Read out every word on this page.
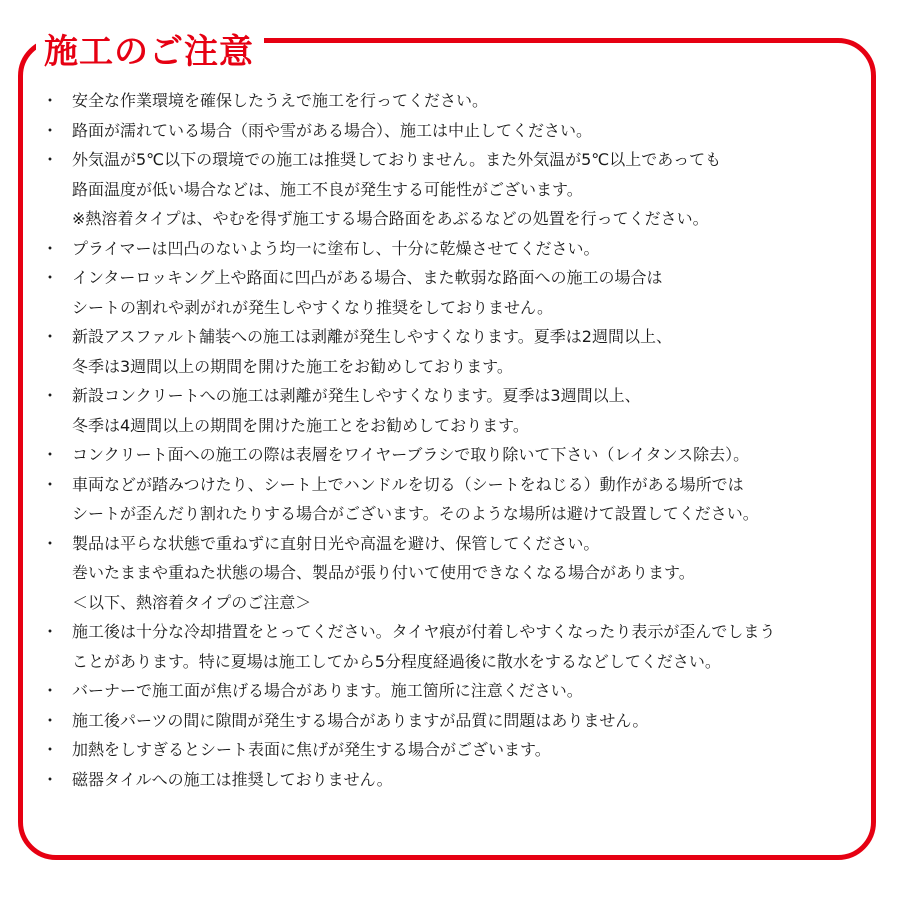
施工のご注意
・ 安全な作業環境を確保したうえで施工を行ってください。
・ 路面が濡れている場合（雨や雪がある場合）、施工は中止してください。
・ 外気温が5℃以下の環境での施工は推奨しておりません。また外気温が5℃以上であっても
路面温度が低い場合などは、施工不良が発生する可能性がございます。
※熱溶着タイプは、やむを得ず施工する場合路面をあぶるなどの処置を行ってください。
・ プライマーは凹凸のないよう均一に塗布し、十分に乾燥させてください。
・ インターロッキング上や路面に凹凸がある場合、また軟弱な路面への施工の場合は
シートの割れや剥がれが発生しやすくなり推奨をしておりません。
・ 新設アスファルト舗装への施工は剥離が発生しやすくなります。夏季は2週間以上、
冬季は3週間以上の期間を開けた施工をお勧めしております。
・ 新設コンクリートへの施工は剥離が発生しやすくなります。夏季は3週間以上、
冬季は4週間以上の期間を開けた施工とをお勧めしております。
・ コンクリート面への施工の際は表層をワイヤーブラシで取り除いて下さい（レイタンス除去）。
・ 車両などが踏みつけたり、シート上でハンドルを切る（シートをねじる）動作がある場所では
シートが歪んだり割れたりする場合がございます。そのような場所は避けて設置してください。
・ 製品は平らな状態で重ねずに直射日光や高温を避け、保管してください。
巻いたままや重ねた状態の場合、製品が張り付いて使用できなくなる場合があります。
＜以下、熱溶着タイプのご注意＞
・ 施工後は十分な冷却措置をとってください。タイヤ痕が付着しやすくなったり表示が歪んでしまう
ことがあります。特に夏場は施工してから5分程度経過後に散水をするなどしてください。
・ バーナーで施工面が焦げる場合があります。施工箇所に注意ください。
・ 施工後パーツの間に隙間が発生する場合がありますが品質に問題はありません。
・ 加熱をしすぎるとシート表面に焦げが発生する場合がございます。
・ 磁器タイルへの施工は推奨しておりません。
